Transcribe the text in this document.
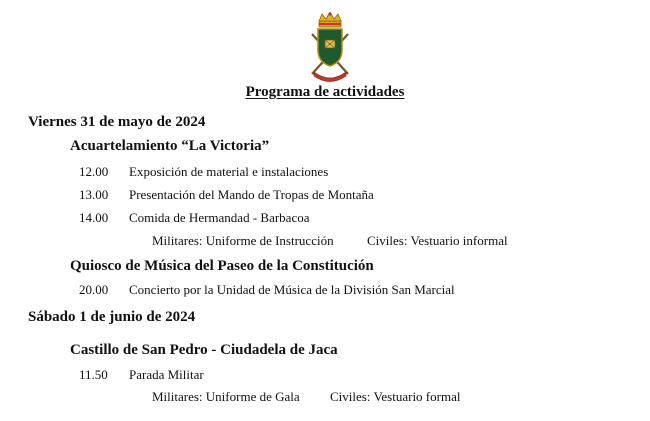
Programa de actividades
Viernes 31 de mayo de 2024
Acuartelamiento “La Victoria”
12.00 Exposición de material e instalaciones
13.00 Presentación del Mando de Tropas de Montaña
14.00 Comida de Hermandad - Barbacoa
Militares: Uniforme de Instrucción	Civiles: Vestuario informal
Quiosco de Música del Paseo de la Constitución
20.00 Concierto por la Unidad de Música de la División San Marcial
Sábado 1 de junio de 2024
Castillo de San Pedro - Ciudadela de Jaca
11.50 Parada Militar
Militares: Uniforme de Gala Civiles: Vestuario formal
